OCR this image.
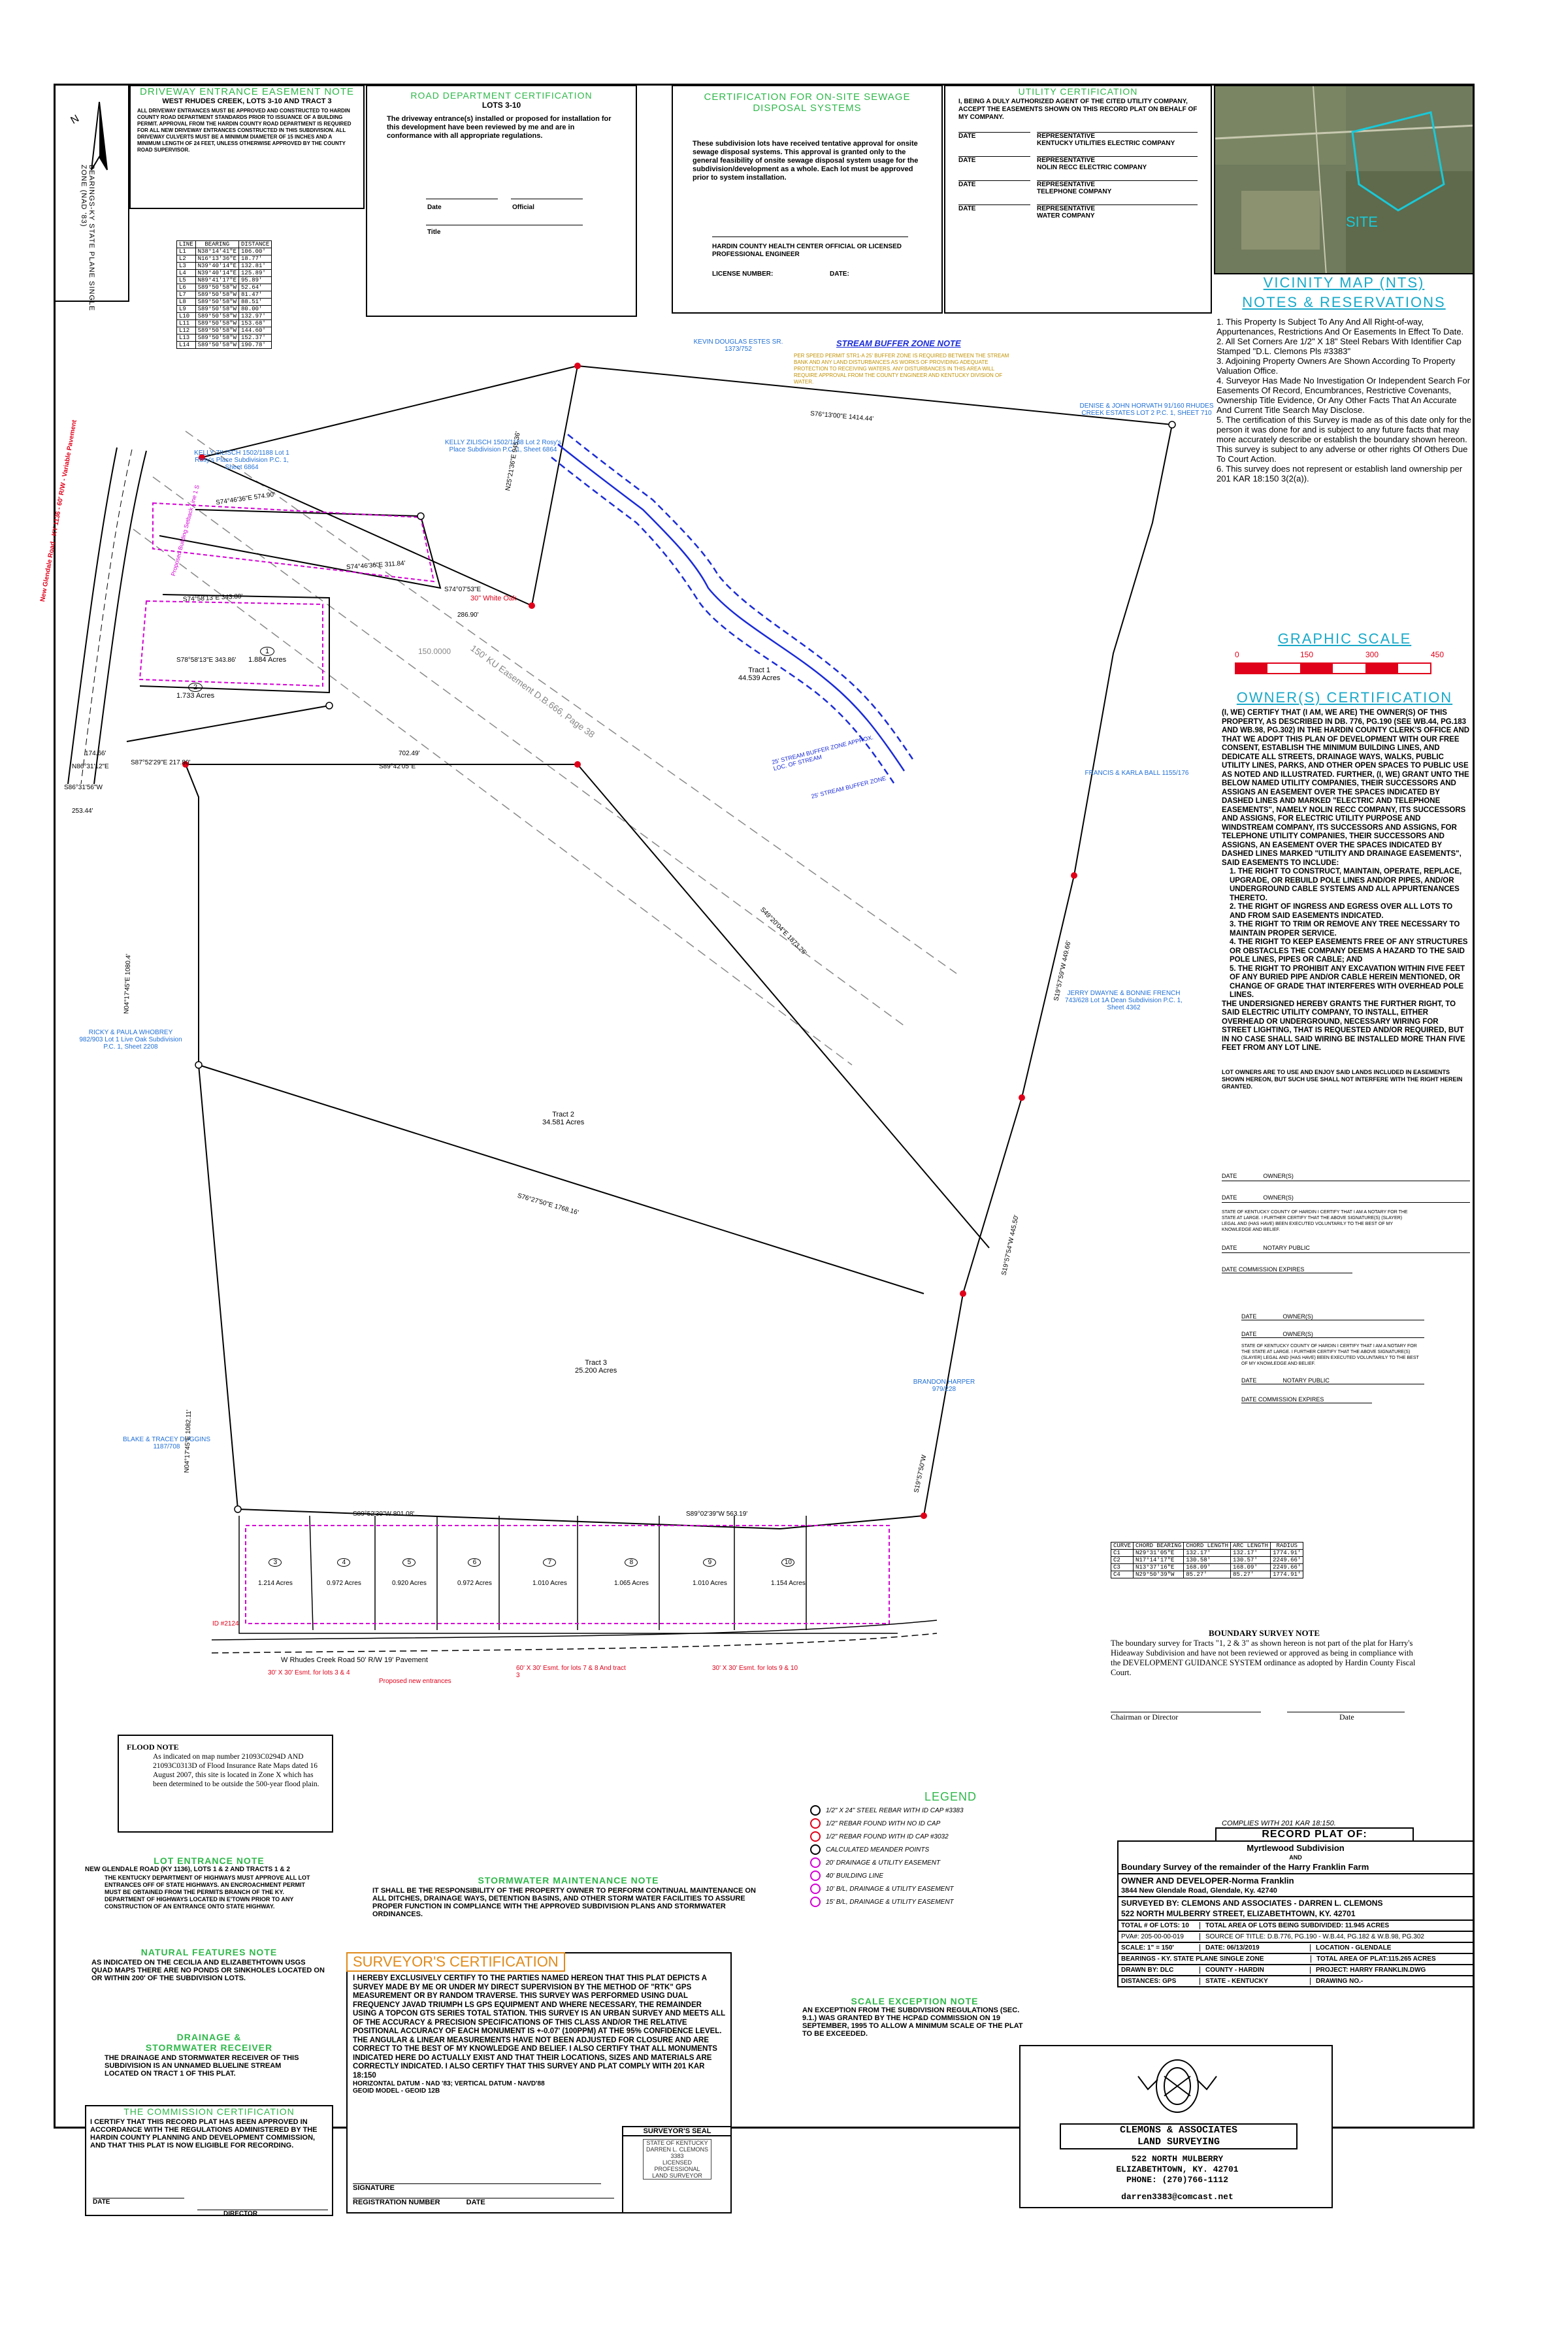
N
BEARINGS-KY STATE PLANE SINGLE ZONE (NAD '83)
DRIVEWAY ENTRANCE EASEMENT NOTE
WEST RHUDES CREEK, LOTS 3-10 AND TRACT 3
ALL DRIVEWAY ENTRANCES MUST BE APPROVED AND CONSTRUCTED TO HARDIN COUNTY ROAD DEPARTMENT STANDARDS PRIOR TO ISSUANCE OF A BUILDING PERMIT. APPROVAL FROM THE HARDIN COUNTY ROAD DEPARTMENT IS REQUIRED FOR ALL NEW DRIVEWAY ENTRANCES CONSTRUCTED IN THIS SUBDIVISION. ALL DRIVEWAY CULVERTS MUST BE A MINIMUM DIAMETER OF 15 INCHES AND A MINIMUM LENGTH OF 24 FEET, UNLESS OTHERWISE APPROVED BY THE COUNTY ROAD SUPERVISOR.
ROAD DEPARTMENT CERTIFICATION
LOTS 3-10
The driveway entrance(s) installed or proposed for installation for this development have been reviewed by me and are in conformance with all appropriate regulations.
Date	Official
Title
CERTIFICATION FOR ON-SITE SEWAGE DISPOSAL SYSTEMS
These subdivision lots have received tentative approval for onsite sewage disposal systems. This approval is granted only to the general feasibility of onsite sewage disposal system usage for the subdivision/development as a whole. Each lot must be approved prior to system installation.
HARDIN COUNTY HEALTH CENTER OFFICIAL OR LICENSED PROFESSIONAL ENGINEER
LICENSE NUMBER:	DATE:
UTILITY CERTIFICATION
I, BEING A DULY AUTHORIZED AGENT OF THE CITED UTILITY COMPANY, ACCEPT THE EASEMENTS SHOWN ON THIS RECORD PLAT ON BEHALF OF MY COMPANY.
DATE	REPRESENTATIVE
KENTUCKY UTILITIES ELECTRIC COMPANY
DATE	REPRESENTATIVE
NOLIN RECC ELECTRIC COMPANY
DATE	REPRESENTATIVE
TELEPHONE COMPANY
DATE	REPRESENTATIVE
WATER COMPANY	SITE
VICINITY MAP (NTS)
NOTES & RESERVATIONS
1. This Property Is Subject To Any And All Right-of-way, Appurtenances, Restrictions And Or Easements In Effect To Date.
2. All Set Corners Are 1/2" X 18" Steel Rebars With Identifier Cap Stamped "D.L. Clemons Pls #3383"
3. Adjoining Property Owners Are Shown According To Property Valuation Office.
4. Surveyor Has Made No Investigation Or Independent Search For Easements Of Record, Encumbrances, Restrictive Covenants, Ownership Title Evidence, Or Any Other Facts That An Accurate And Current Title Search May Disclose.
5. The certification of this Survey is made as of this date only for the person it was done for and is subject to any future facts that may more accurately describe or establish the boundary shown hereon. This survey is subject to any adverse or other rights Of Others Due To Court Action.
6. This survey does not represent or establish land ownership per 201 KAR 18:150 3(2(a)).
GRAPHIC SCALE
0	150	300	450
OWNER(S) CERTIFICATION
(I, WE) CERTIFY THAT (I AM, WE ARE) THE OWNER(S) OF THIS PROPERTY, AS DESCRIBED IN DB. 776, PG.190 (SEE WB.44, PG.183 AND WB.98, PG.302) IN THE HARDIN COUNTY CLERK'S OFFICE AND THAT WE ADOPT THIS PLAN OF DEVELOPMENT WITH OUR FREE CONSENT, ESTABLISH THE MINIMUM BUILDING LINES, AND DEDICATE ALL STREETS, DRAINAGE WAYS, WALKS, PUBLIC UTILITY LINES, PARKS, AND OTHER OPEN SPACES TO PUBLIC USE AS NOTED AND ILLUSTRATED. FURTHER, (I, WE) GRANT UNTO THE BELOW NAMED UTILITY COMPANIES, THEIR SUCCESSORS AND ASSIGNS AN EASEMENT OVER THE SPACES INDICATED BY DASHED LINES AND MARKED "ELECTRIC AND TELEPHONE EASEMENTS", NAMELY NOLIN RECC COMPANY, ITS SUCCESSORS AND ASSIGNS, FOR ELECTRIC UTILITY PURPOSE AND WINDSTREAM COMPANY, ITS SUCCESSORS AND ASSIGNS, FOR TELEPHONE UTILITY COMPANIES, THEIR SUCCESSORS AND ASSIGNS, AN EASEMENT OVER THE SPACES INDICATED BY DASHED LINES MARKED "UTILITY AND DRAINAGE EASEMENTS", SAID EASEMENTS TO INCLUDE:
1. THE RIGHT TO CONSTRUCT, MAINTAIN, OPERATE, REPLACE, UPGRADE, OR REBUILD POLE LINES AND/OR PIPES, AND/OR UNDERGROUND CABLE SYSTEMS AND ALL APPURTENANCES THERETO.
2. THE RIGHT OF INGRESS AND EGRESS OVER ALL LOTS TO AND FROM SAID EASEMENTS INDICATED.
3. THE RIGHT TO TRIM OR REMOVE ANY TREE NECESSARY TO MAINTAIN PROPER SERVICE.
4. THE RIGHT TO KEEP EASEMENTS FREE OF ANY STRUCTURES OR OBSTACLES THE COMPANY DEEMS A HAZARD TO THE SAID POLE LINES, PIPES OR CABLE; AND
5. THE RIGHT TO PROHIBIT ANY EXCAVATION WITHIN FIVE FEET OF ANY BURIED PIPE AND/OR CABLE HEREIN MENTIONED, OR CHANGE OF GRADE THAT INTERFERES WITH OVERHEAD POLE LINES.
THE UNDERSIGNED HEREBY GRANTS THE FURTHER RIGHT, TO SAID ELECTRIC UTILITY COMPANY, TO INSTALL, EITHER OVERHEAD OR UNDERGROUND, NECESSARY WIRING FOR STREET LIGHTING, THAT IS REQUESTED AND/OR REQUIRED, BUT IN NO CASE SHALL SAID WIRING BE INSTALLED MORE THAN FIVE FEET FROM ANY LOT LINE.
LOT OWNERS ARE TO USE AND ENJOY SAID LANDS INCLUDED IN EASEMENTS SHOWN HEREON, BUT SUCH USE SHALL NOT INTERFERE WITH THE RIGHT HEREIN GRANTED.
DATE	OWNER(S)
DATE	OWNER(S)
STATE OF KENTUCKY COUNTY OF HARDIN I CERTIFY THAT I AM A NOTARY FOR THE STATE AT LARGE. I FURTHER CERTIFY THAT THE ABOVE SIGNATURE(S) (SLAYER) LEGAL AND (HAS HAVE) BEEN EXECUTED VOLUNTARILY TO THE BEST OF MY KNOWLEDGE AND BELIEF.
DATE	NOTARY PUBLIC
DATE COMMISSION EXPIRES
DATE	OWNER(S)
DATE	OWNER(S)
STATE OF KENTUCKY COUNTY OF HARDIN I CERTIFY THAT I AM A NOTARY FOR THE STATE AT LARGE. I FURTHER CERTIFY THAT THE ABOVE SIGNATURE(S) (SLAYER) LEGAL AND (HAS HAVE) BEEN EXECUTED VOLUNTARILY TO THE BEST OF MY KNOWLEDGE AND BELIEF.
DATE	NOTARY PUBLIC
DATE COMMISSION EXPIRES
LINE	BEARING	DISTANCE
L1	N38°14'41"E	106.00'
L2	N16°13'36"E	18.77'
L3	N39°40'14"E	132.81'
L4	N39°40'14"E	125.89'
L5	N89°41'17"E	95.89'
L6	S89°50'58"W	52.64'
L7	S89°50'58"W	81.47'
L8	S89°50'58"W	88.51'
L9	S89°50'58"W	80.00'
L10	S89°50'58"W	132.97'
L11	S89°50'58"W	153.68'
L12	S89°50'58"W	144.60'
L13	S89°50'58"W	152.37'
L14	S89°50'58"W	190.78'
CURVE	CHORD BEARING	CHORD LENGTH	ARC LENGTH	RADIUS
C1	N29°31'05"E	132.17'	132.17'	1774.91'
C2	N17°14'17"E	130.58'	130.57'	2249.66'
C3	N13°37'16"E	168.09'	168.09'	2249.66'
C4	N29°50'39"W	85.27'	85.27'	1774.91'
KEVIN DOUGLAS ESTES SR. 1373/752
STREAM BUFFER ZONE NOTE
PER SPEED PERMIT STR1-A 25' BUFFER ZONE IS REQUIRED BETWEEN THE STREAM BANK AND ANY LAND DISTURBANCES AS WORKS OF PROVIDING ADEQUATE PROTECTION TO RECEIVING WATERS. ANY DISTURBANCES IN THIS AREA WILL REQUIRE APPROVAL FROM THE COUNTY ENGINEER AND KENTUCKY DIVISION OF WATER.
KELLY ZILISCH 1502/1188 Lot 1 Rosy's Place Subdivision P.C. 1, Sheet 6864
KELLY ZILISCH 1502/1188 Lot 2 Rosy's Place Subdivision P.C. 1, Sheet 6864
DENISE & JOHN HORVATH 91/160 RHUDES CREEK ESTATES LOT 2 P.C. 1, SHEET 710
FRANCIS & KARLA BALL 1155/176
JERRY DWAYNE & BONNIE FRENCH 743/628 Lot 1A Dean Subdivision P.C. 1, Sheet 4362
RICKY & PAULA WHOBREY 982/903 Lot 1 Live Oak Subdivision P.C. 1, Sheet 2208
BLAKE & TRACEY DUGGINS 1187/708
BRANDON HARPER 979/228
Tract 1
44.539 Acres
Tract 2
34.581 Acres
Tract 3
25.200 Acres
1
1.884 Acres
2
1.733 Acres
3
1.214 Acres
4
0.972 Acres
5
0.920 Acres
6
0.972 Acres
7
1.010 Acres
8
1.065 Acres
9
1.010 Acres
10
1.154 Acres
30" White Oak
W Rhudes Creek Road 50' R/W 19' Pavement
New Glendale Road - KY 1136 - 60' R/W - Variable Pavement
30' X 30' Esmt. for lots 3 & 4
60' X 30' Esmt. for lots 7 & 8 And tract 3
30' X 30' Esmt. for lots 9 & 10
Proposed new entrances
ID #2124
25' STREAM BUFFER ZONE APPROX. LOC. OF STREAM
25' STREAM BUFFER ZONE
150' KU Easement D.B.666, Page 38
150.0000
Proposed Building Setback Line 1 S
S76°13'00"E 1414.44'
N25°21'36"E 945.36'
S74°46'36"E 574.90'
S74°46'36"E 311.84'
S74°07'53"E
286.90'
S89°42'05"E
702.49'
S76°27'50"E 1768.16'
S49°20'04"E 1873.26'
S19°57'59"W 449.66'
S19°57'54"W 445.50'
S19°57'50"W
S89°52'39"W 801.08'	S89°02'39"W 563.19'
S74°58'13"E 343.80'
S78°58'13"E 343.86'
S87°52'29"E 217.80'
N86°31'12"E
174.66'
S86°31'56"W
253.44'
N04°17'45"E 1080.4'
N04°17'45"E 1082.11'
BOUNDARY SURVEY NOTE
The boundary survey for Tracts "1, 2 & 3" as shown hereon is not part of the plat for Harry's Hideaway Subdivision and have not been reviewed or approved as being in compliance with the DEVELOPMENT GUIDANCE SYSTEM ordinance as adopted by Hardin County Fiscal Court.
Chairman or Director	Date
FLOOD NOTE
As indicated on map number 21093C0294D AND 21093C0313D of Flood Insurance Rate Maps dated 16 August 2007, this site is located in Zone X which has been determined to be outside the 500-year flood plain.
LOT ENTRANCE NOTE
NEW GLENDALE ROAD (KY 1136), LOTS 1 & 2 AND TRACTS 1 & 2
THE KENTUCKY DEPARTMENT OF HIGHWAYS MUST APPROVE ALL LOT ENTRANCES OFF OF STATE HIGHWAYS. AN ENCROACHMENT PERMIT MUST BE OBTAINED FROM THE PERMITS BRANCH OF THE KY. DEPARTMENT OF HIGHWAYS LOCATED IN E'TOWN PRIOR TO ANY CONSTRUCTION OF AN ENTRANCE ONTO STATE HIGHWAY.
NATURAL FEATURES NOTE
AS INDICATED ON THE CECILIA AND ELIZABETHTOWN USGS QUAD MAPS THERE ARE NO PONDS OR SINKHOLES LOCATED ON OR WITHIN 200' OF THE SUBDIVISION LOTS.
DRAINAGE & STORMWATER RECEIVER
THE DRAINAGE AND STORMWATER RECEIVER OF THIS SUBDIVISION IS AN UNNAMED BLUELINE STREAM LOCATED ON TRACT 1 OF THIS PLAT.
THE COMMISSION CERTIFICATION
I CERTIFY THAT THIS RECORD PLAT HAS BEEN APPROVED IN ACCORDANCE WITH THE REGULATIONS ADMINISTERED BY THE HARDIN COUNTY PLANNING AND DEVELOPMENT COMMISSION, AND THAT THIS PLAT IS NOW ELIGIBLE FOR RECORDING.
DATE
DIRECTOR
STORMWATER MAINTENANCE NOTE
IT SHALL BE THE RESPONSIBILITY OF THE PROPERTY OWNER TO PERFORM CONTINUAL MAINTENANCE ON ALL DITCHES, DRAINAGE WAYS, DETENTION BASINS, AND OTHER STORM WATER FACILITIES TO ASSURE PROPER FUNCTION IN COMPLIANCE WITH THE APPROVED SUBDIVISION PLANS AND STORMWATER ORDINANCES.
SURVEYOR'S CERTIFICATION
I HEREBY EXCLUSIVELY CERTIFY TO THE PARTIES NAMED HEREON THAT THIS PLAT DEPICTS A SURVEY MADE BY ME OR UNDER MY DIRECT SUPERVISION BY THE METHOD OF "RTK" GPS MEASUREMENT OR BY RANDOM TRAVERSE. THIS SURVEY WAS PERFORMED USING DUAL FREQUENCY JAVAD TRIUMPH LS GPS EQUIPMENT AND WHERE NECESSARY, THE REMAINDER USING A TOPCON GTS SERIES TOTAL STATION. THIS SURVEY IS AN URBAN SURVEY AND MEETS ALL OF THE ACCURACY & PRECISION SPECIFICATIONS OF THIS CLASS AND/OR THE RELATIVE POSITIONAL ACCURACY OF EACH MONUMENT IS +-0.07' (100PPM) AT THE 95% CONFIDENCE LEVEL. THE ANGULAR & LINEAR MEASUREMENTS HAVE NOT BEEN ADJUSTED FOR CLOSURE AND ARE CORRECT TO THE BEST OF MY KNOWLEDGE AND BELIEF. I ALSO CERTIFY THAT ALL MONUMENTS INDICATED HERE DO ACTUALLY EXIST AND THAT THEIR LOCATIONS, SIZES AND MATERIALS ARE CORRECTLY INDICATED. I ALSO CERTIFY THAT THIS SURVEY AND PLAT COMPLY WITH 201 KAR 18:150
HORIZONTAL DATUM - NAD '83; VERTICAL DATUM - NAVD'88
GEOID MODEL - GEOID 12B
SURVEYOR'S SEAL
STATE OF KENTUCKY
DARREN L. CLEMONS
3383
LICENSED
PROFESSIONAL
LAND SURVEYOR
SIGNATURE
REGISTRATION NUMBER	DATE
LEGEND
1/2" X 24" STEEL REBAR WITH ID CAP #3383
1/2" REBAR FOUND WITH NO ID CAP
1/2" REBAR FOUND WITH ID CAP #3032
CALCULATED MEANDER POINTS
20' DRAINAGE & UTILITY EASEMENT
40' BUILDING LINE
10' B/L, DRAINAGE & UTILITY EASEMENT
15' B/L, DRAINAGE & UTILITY EASEMENT
SCALE EXCEPTION NOTE
AN EXCEPTION FROM THE SUBDIVISION REGULATIONS (SEC. 9.1.) WAS GRANTED BY THE HCP&D COMMISSION ON 19 SEPTEMBER, 1995 TO ALLOW A MINIMUM SCALE OF THE PLAT TO BE EXCEEDED.
COMPLIES WITH 201 KAR 18:150.
RECORD PLAT OF:
Myrtlewood Subdivision
AND
Boundary Survey of the remainder of the Harry Franklin Farm
OWNER AND DEVELOPER-Norma Franklin
3844 New Glendale Road, Glendale, Ky. 42740
SURVEYED BY: CLEMONS AND ASSOCIATES - DARREN L. CLEMONS
522 NORTH MULBERRY STREET, ELIZABETHTOWN, KY. 42701
TOTAL # OF LOTS: 10	TOTAL AREA OF LOTS BEING SUBDIVIDED: 11.945 ACRES
PVA#: 205-00-00-019	SOURCE OF TITLE: D.B.776, PG.190 - W.B.44, PG.182 & W.B.98, PG.302
SCALE: 1" = 150'	DATE: 06/13/2019	LOCATION - GLENDALE
BEARINGS - KY. STATE PLANE SINGLE ZONE	TOTAL AREA OF PLAT:115.265 ACRES
DRAWN BY: DLC	COUNTY - HARDIN	PROJECT: HARRY FRANKLIN.DWG
DISTANCES: GPS	STATE - KENTUCKY	DRAWING NO.-
CLEMONS & ASSOCIATES
LAND SURVEYING
522 NORTH MULBERRY
ELIZABETHTOWN, KY. 42701
PHONE: (270)766-1112
darren3383@comcast.net
